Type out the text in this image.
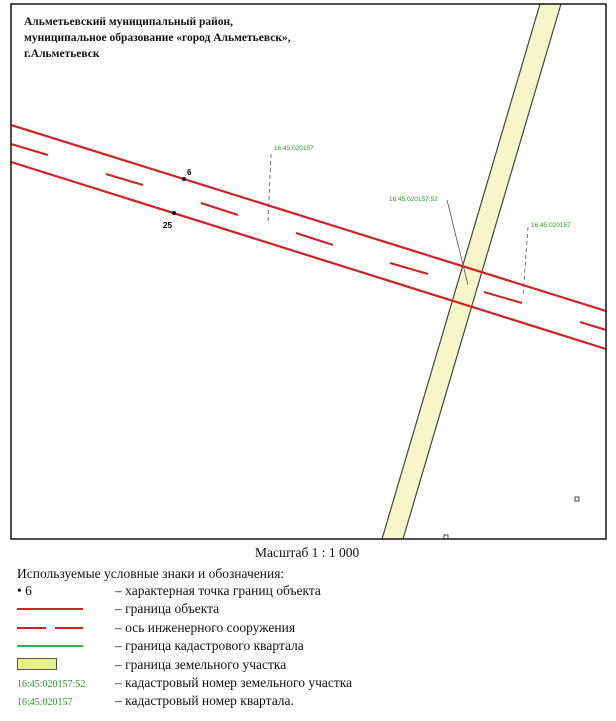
6
25
16:45:020157
16:45:020157:52
16:45:020157
Альметьевский муниципальный район,
муниципальное образование «город Альметьевск»,
г.Альметьевск
Масштаб 1 : 1 000
Используемые условные знаки и обозначения:
• 6	– характерная точка границ объекта
– граница объекта
– ось инженерного сооружения
– граница кадастрового квартала
– граница земельного участка
16:45:020157:52	– кадастровый номер земельного участка
16:45:020157	– кадастровый номер квартала.
